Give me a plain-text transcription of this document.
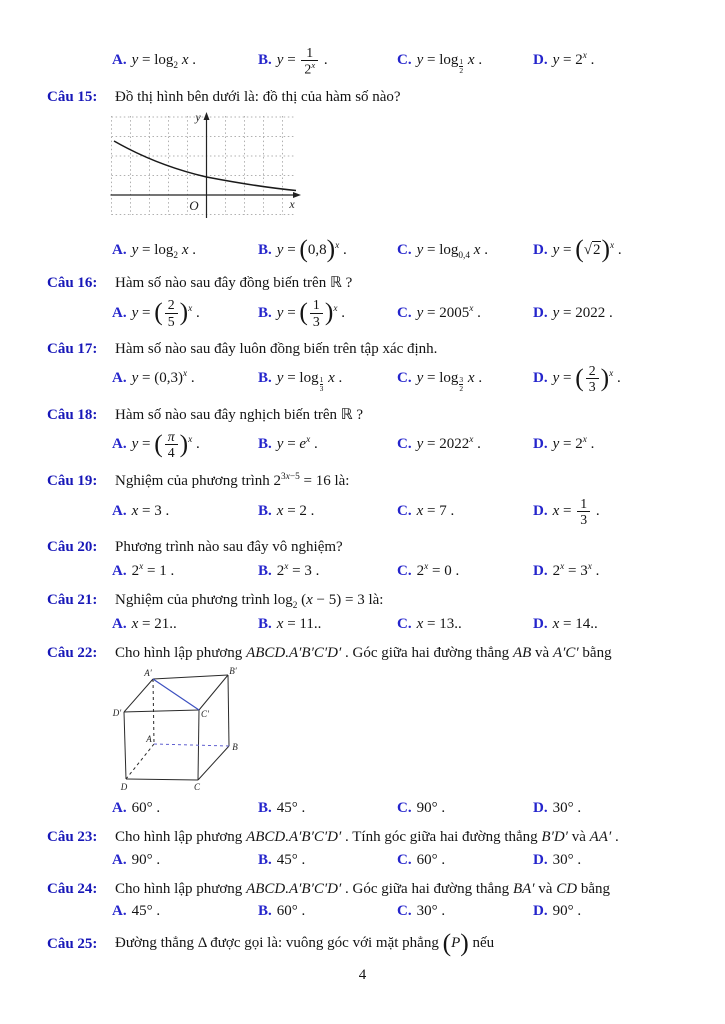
A. $y = \log_2 x$ .	B. $y = \frac{1}{2^x}$ .	C. y = log $_{\frac{1}{2}}$ x .	D. $y = 2^x$ .
Câu 15:	Đồ thị hình bên dưới là: đồ thị của hàm số nào?
O	x
y
A. $y = \log_2 x$ .	B. $y = (0,8)^x$ .	C. $y = \log_{0,4} x$ .	D. $y = (√2)^x$ .
Câu 16:	Hàm số nào sau đây đồng biến trên ℝ ?
A. y = ( $\frac{2}{5} )^x$ .	B. y = ( $\frac{1}{3} )^x$ .	C. $y = 2005^x$ .	D. y = 2022 .
Câu 17:	Hàm số nào sau đây luôn đồng biến trên tập xác định.
A. $y = (0,3)^x$ .	B. y = log $_{\frac{1}{3}}$ x .	C. y = log $_{\frac{3}{2}}$ x .	D. y = ( $\frac{2}{3} )^x$ .
Câu 18:	Hàm số nào sau đây nghịch biến trên ℝ ?
A. y = ( $\frac{\pi}{4} )^x$ .	B. $y = e^x$ .	C. $y = 2022^x$ .	D. $y = 2^x$ .
Câu 19:	Nghiệm của phương trình $2^{3x-5} = 16$ là:
A. x = 3 .	B. x = 2 .	C. x = 7 .	D. $x = \frac{1}{3}$ .
Câu 20:	Phương trình nào sau đây vô nghiệm?
A. $2^x = 1$ .	B. $2^x = 3$ .	C. $2^x = 0$ .	D. $2^x = 3^x$ .
Câu 21:	Nghiệm của phương trình $\log_2 (x - 5) = 3$ là:
A. x = 21..	B. x = 11..	C. x = 13..	D. x = 14..
Câu 22:	Cho hình lập phương ABCD.A′B′C′D′ . Góc giữa hai đường thẳng AB và A′C′ bằng
A′	B′
C′
D′
A
B
C
D
A. 60° .	B. 45° .	C. 90° .	D. 30° .
Câu 23:	Cho hình lập phương ABCD.A′B′C′D′ . Tính góc giữa hai đường thẳng B′D′ và AA′ .
A. 90° .	B. 45° .	C. 60° .	D. 30° .
Câu 24:	Cho hình lập phương ABCD.A′B′C′D′ . Góc giữa hai đường thẳng BA′ và CD bằng
A. 45° .	B. 60° .	C. 30° .	D. 90° .
Câu 25:	Đường thẳng Δ được gọi là: vuông góc với mặt phẳng (P) nếu
4
